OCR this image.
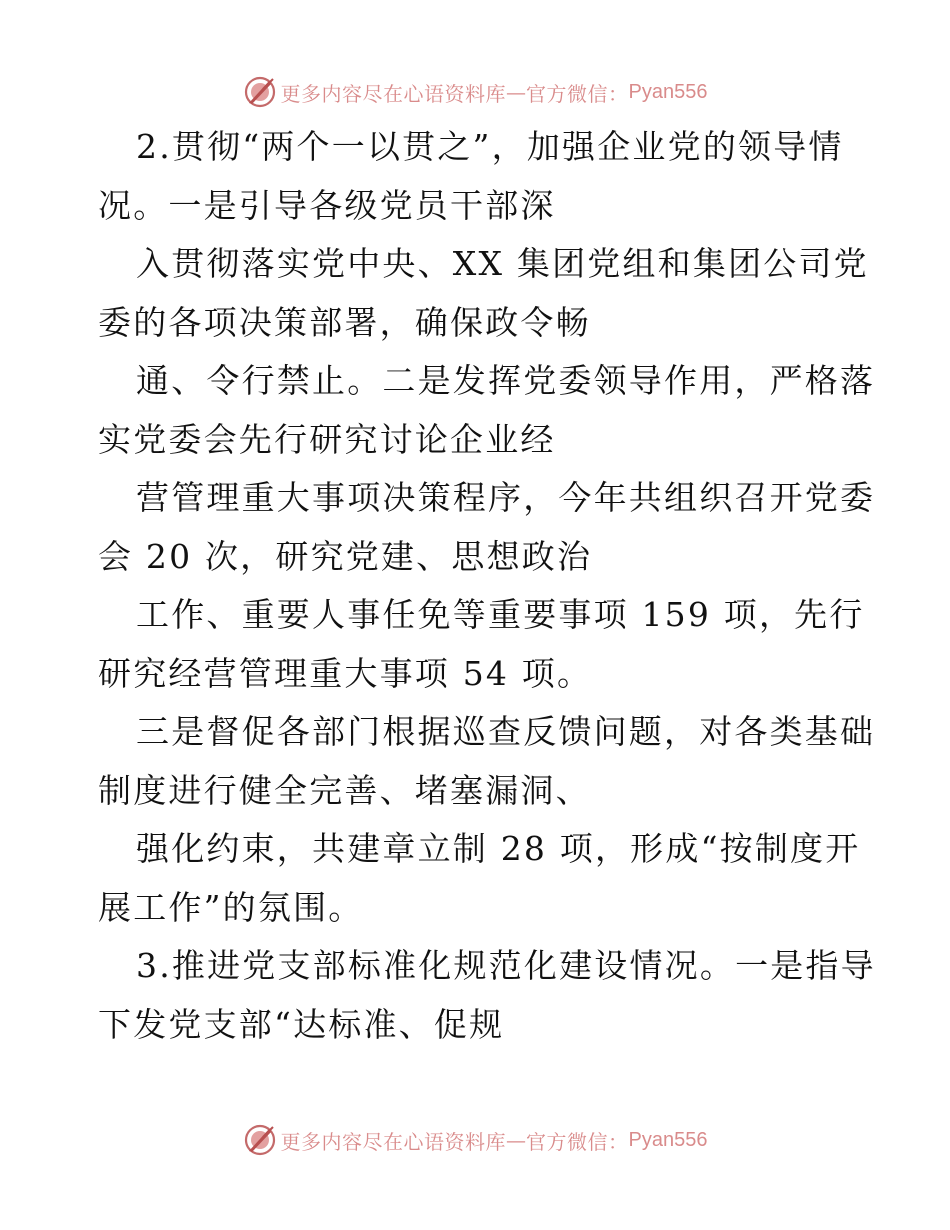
更多内容尽在心语资料库 — 官方微信： Pyan556
2.贯彻“两个一以贯之”，加强企业党的领导情
况。一是引导各级党员干部深
入贯彻落实党中央、XX 集团党组和集团公司党
委的各项决策部署，确保政令畅
通、令行禁止。二是发挥党委领导作用，严格落
实党委会先行研究讨论企业经
营管理重大事项决策程序，今年共组织召开党委
会 20 次，研究党建、思想政治
工作、重要人事任免等重要事项 159 项，先行
研究经营管理重大事项 54 项。
三是督促各部门根据巡查反馈问题，对各类基础
制度进行健全完善、堵塞漏洞、
强化约束，共建章立制 28 项，形成“按制度开
展工作”的氛围。
3.推进党支部标准化规范化建设情况。一是指导
下发党支部“达标准、促规
更多内容尽在心语资料库 — 官方微信： Pyan556
